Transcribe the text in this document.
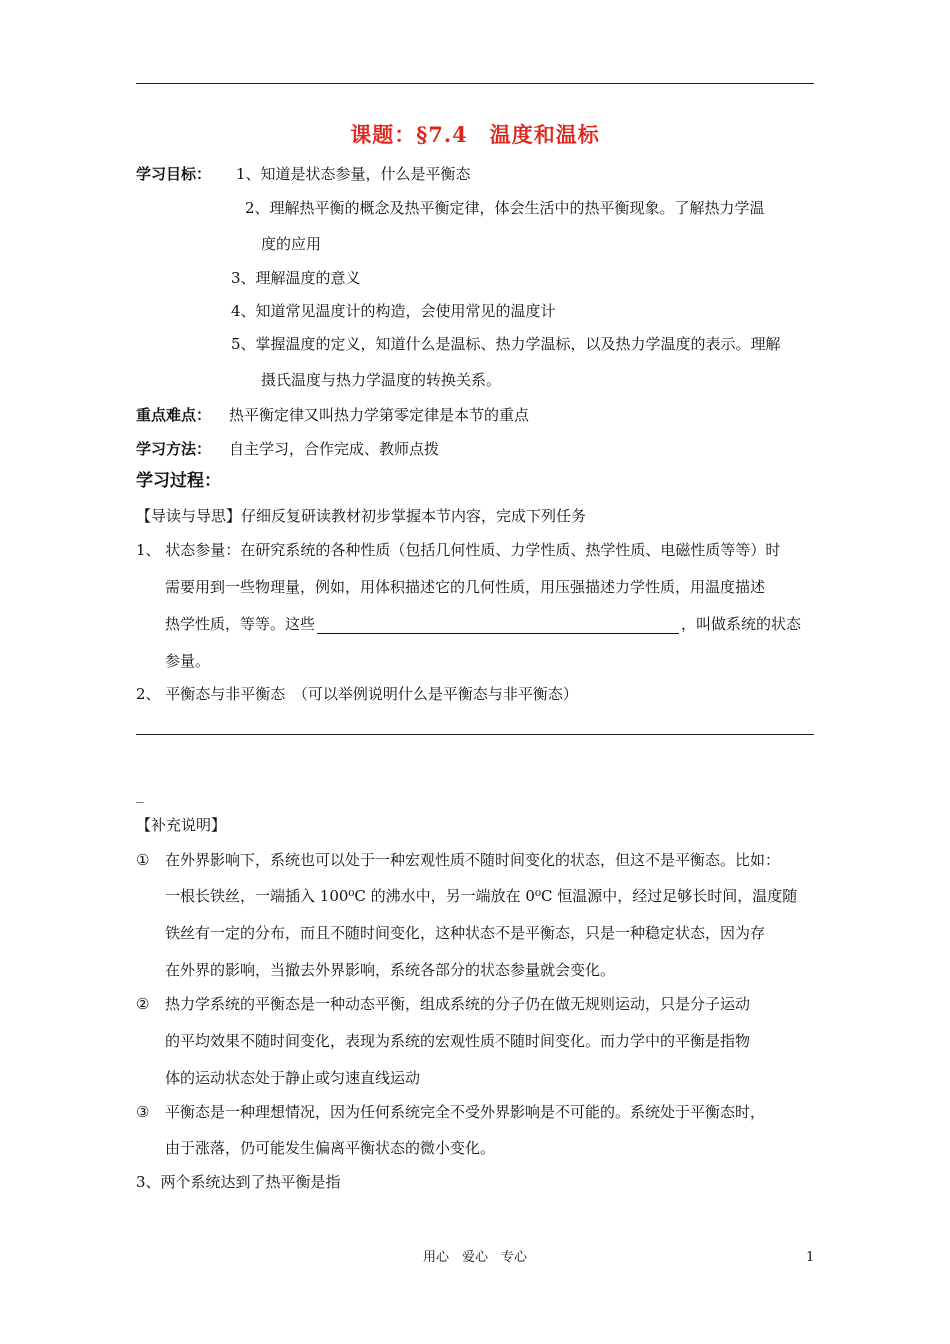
课题：§7.4　温度和温标
学习目标： 1、知道是状态参量，什么是平衡态
2、理解热平衡的概念及热平衡定律，体会生活中的热平衡现象。了解热力学温
度的应用
3、理解温度的意义
4、知道常见温度计的构造，会使用常见的温度计
5、掌握温度的定义，知道什么是温标、热力学温标，以及热力学温度的表示。理解
摄氏温度与热力学温度的转换关系。
重点难点： 热平衡定律又叫热力学第零定律是本节的重点
学习方法： 自主学习，合作完成、教师点拨
学习过程：
【导读与导思】仔细反复研读教材初步掌握本节内容，完成下列任务
1、 状态参量：在研究系统的各种性质（包括几何性质、力学性质、热学性质、电磁性质等等）时
需要用到一些物理量，例如，用体积描述它的几何性质，用压强描述力学性质，用温度描述
热学性质，等等。这些	，叫做系统的状态
参量。
2、 平衡态与非平衡态　（可以举例说明什么是平衡态与非平衡态）
_
【补充说明】
① 在外界影响下，系统也可以处于一种宏观性质不随时间变化的状态，但这不是平衡态。比如：
一根长铁丝，一端插入 100⁰C 的沸水中，另一端放在 0⁰C 恒温源中，经过足够长时间，温度随
铁丝有一定的分布，而且不随时间变化，这种状态不是平衡态，只是一种稳定状态，因为存
在外界的影响，当撤去外界影响，系统各部分的状态参量就会变化。
② 热力学系统的平衡态是一种动态平衡，组成系统的分子仍在做无规则运动，只是分子运动
的平均效果不随时间变化，表现为系统的宏观性质不随时间变化。而力学中的平衡是指物
体的运动状态处于静止或匀速直线运动
③ 平衡态是一种理想情况，因为任何系统完全不受外界影响是不可能的。系统处于平衡态时，
由于涨落，仍可能发生偏离平衡状态的微小变化。
3、两个系统达到了热平衡是指
用心　爱心　专心	1
